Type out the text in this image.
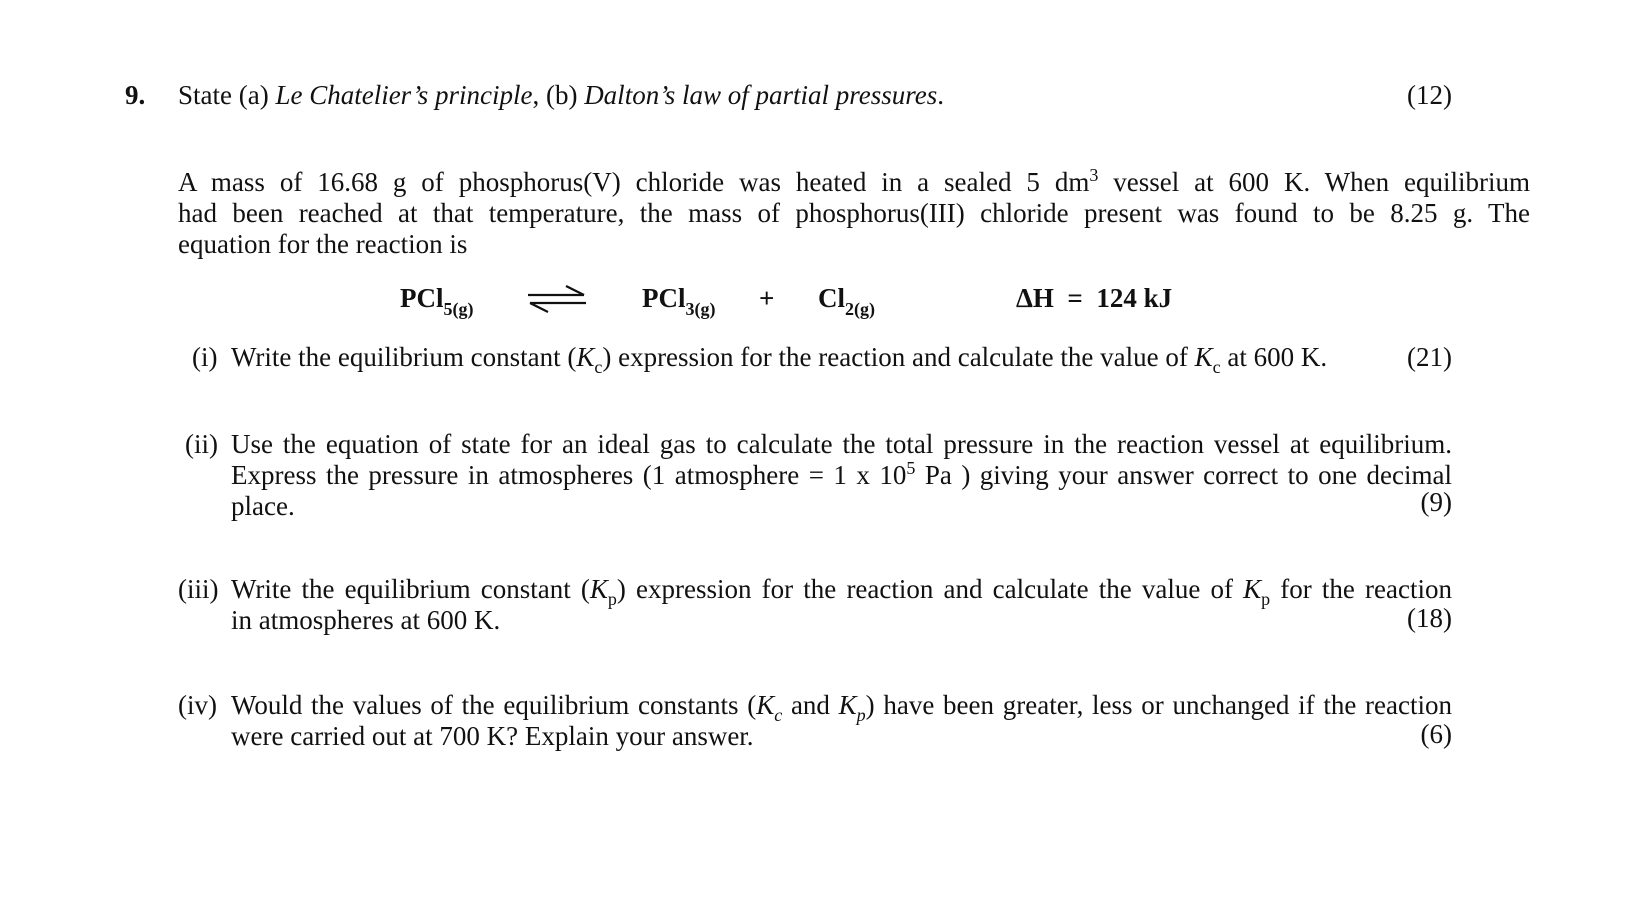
9. State (a) Le Chatelier’s principle, (b) Dalton’s law of partial pressures.	(12)
A mass of 16.68 g of phosphorus(V) chloride was heated in a sealed 5 $dm^3$ vessel at 600 K. When equilibrium
had been reached at that temperature, the mass of phosphorus(III) chloride present was found to be 8.25 g. The
equation for the reaction is
PCl$_{5(g)}$	$PCl_{3(g)} + Cl_{2(g)}$	ΔH  =  124 kJ
(i) Write the equilibrium constant $(K_c)$ expression for the reaction and calculate the value of $K_c$ at 600 K.	(21)
(ii) Use the equation of state for an ideal gas to calculate the total pressure in the reaction vessel at equilibrium.
Express the pressure in atmospheres (1 atmosphere = 1 x $10^5$ Pa ) giving your answer correct to one decimal
place.	(9)
(iii) Write the equilibrium constant $(K_p)$ expression for the reaction and calculate the value of $K_p$ for the reaction
in atmospheres at 600 K.	(18)
(iv) Would the values of the equilibrium constants ($K_c$ and $K_p$) have been greater, less or unchanged if the reaction
were carried out at 700 K? Explain your answer.	(6)
